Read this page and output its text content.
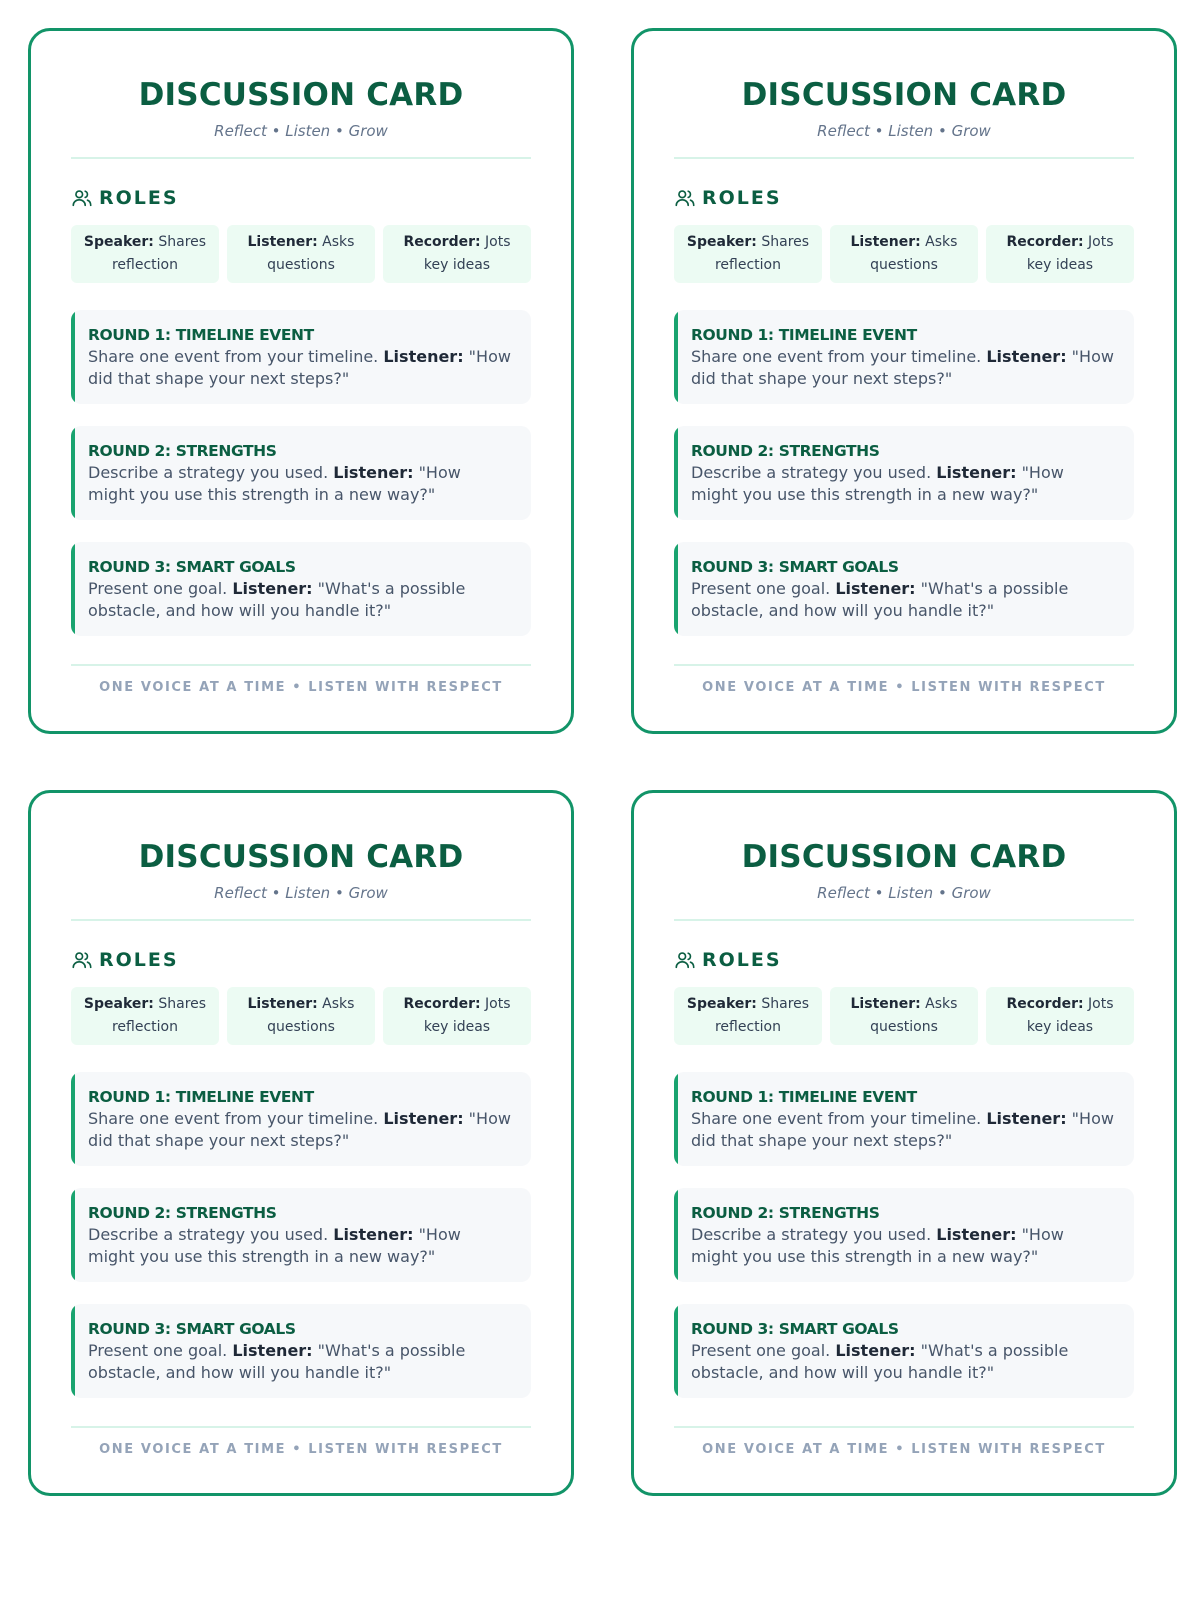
DISCUSSION CARD
Reflect • Listen • Grow
ROLES
Speaker: Shares
reflection
Listener: Asks
questions
Recorder: Jots
key ideas
ROUND 1: TIMELINE EVENT
Share one event from your timeline. Listener: "How did that shape your next steps?"
ROUND 2: STRENGTHS
Describe a strategy you used. Listener: "How might you use this strength in a new way?"
ROUND 3: SMART GOALS
Present one goal. Listener: "What's a possible obstacle, and how will you handle it?"
ONE VOICE AT A TIME • LISTEN WITH RESPECT
DISCUSSION CARD
Reflect • Listen • Grow
ROLES
Speaker: Shares
reflection
Listener: Asks
questions
Recorder: Jots
key ideas
ROUND 1: TIMELINE EVENT
Share one event from your timeline. Listener: "How did that shape your next steps?"
ROUND 2: STRENGTHS
Describe a strategy you used. Listener: "How might you use this strength in a new way?"
ROUND 3: SMART GOALS
Present one goal. Listener: "What's a possible obstacle, and how will you handle it?"
ONE VOICE AT A TIME • LISTEN WITH RESPECT
DISCUSSION CARD
Reflect • Listen • Grow
ROLES
Speaker: Shares
reflection
Listener: Asks
questions
Recorder: Jots
key ideas
ROUND 1: TIMELINE EVENT
Share one event from your timeline. Listener: "How did that shape your next steps?"
ROUND 2: STRENGTHS
Describe a strategy you used. Listener: "How might you use this strength in a new way?"
ROUND 3: SMART GOALS
Present one goal. Listener: "What's a possible obstacle, and how will you handle it?"
ONE VOICE AT A TIME • LISTEN WITH RESPECT
DISCUSSION CARD
Reflect • Listen • Grow
ROLES
Speaker: Shares
reflection
Listener: Asks
questions
Recorder: Jots
key ideas
ROUND 1: TIMELINE EVENT
Share one event from your timeline. Listener: "How did that shape your next steps?"
ROUND 2: STRENGTHS
Describe a strategy you used. Listener: "How might you use this strength in a new way?"
ROUND 3: SMART GOALS
Present one goal. Listener: "What's a possible obstacle, and how will you handle it?"
ONE VOICE AT A TIME • LISTEN WITH RESPECT
